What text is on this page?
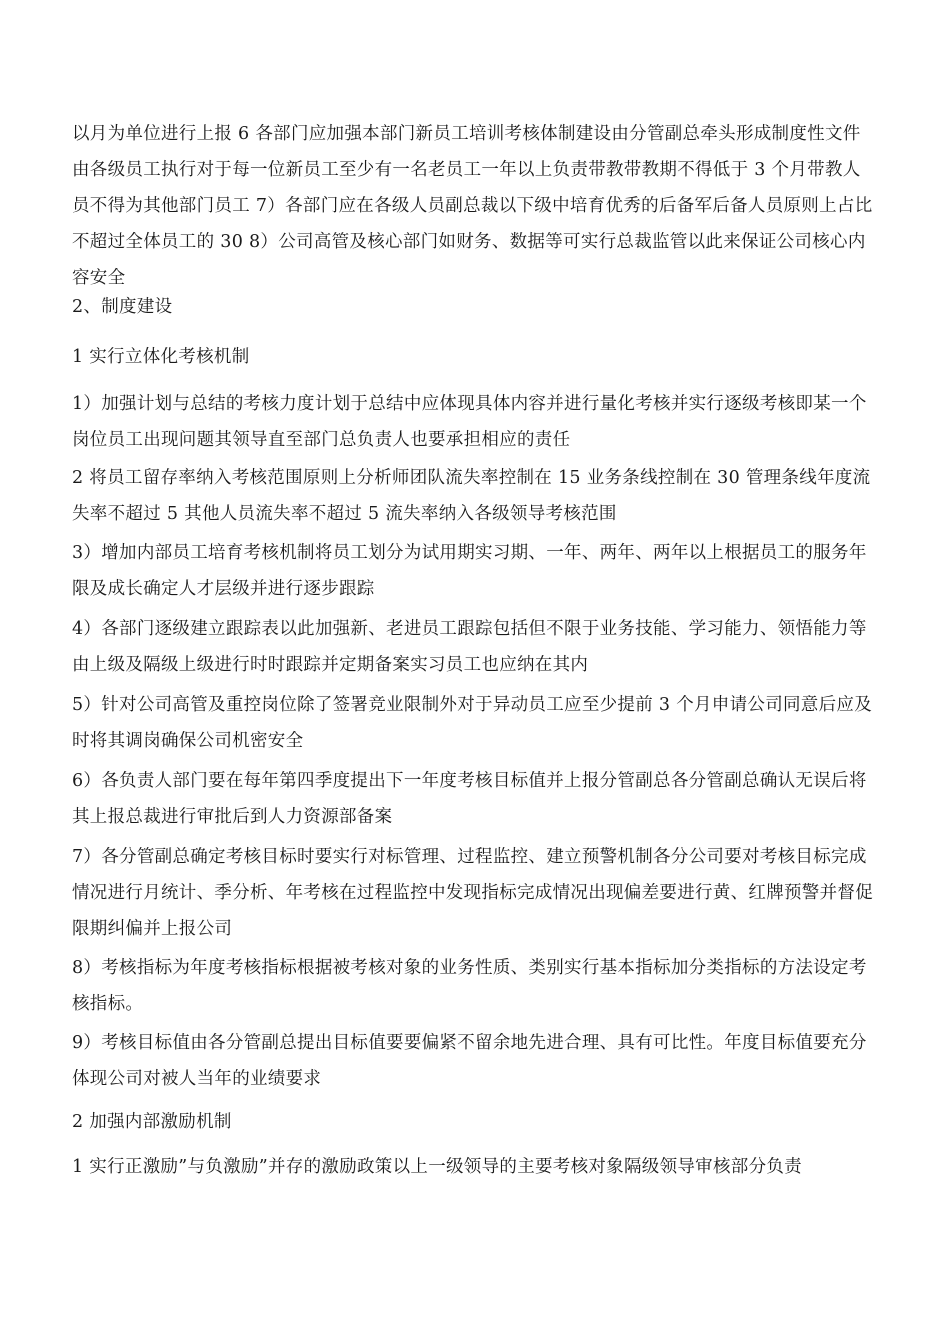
以月为单位进行上报 6 各部门应加强本部门新员工培训考核体制建设由分管副总牵头形成制度性文件由各级员工执行对于每一位新员工至少有一名老员工一年以上负责带教带教期不得低于 3 个月带教人员不得为其他部门员工 7）各部门应在各级人员副总裁以下级中培育优秀的后备军后备人员原则上占比不超过全体员工的 30 8）公司高管及核心部门如财务、数据等可实行总裁监管以此来保证公司核心内容安全

2、制度建设

1 实行立体化考核机制

1）加强计划与总结的考核力度计划于总结中应体现具体内容并进行量化考核并实行逐级考核即某一个岗位员工出现问题其领导直至部门总负责人也要承担相应的责任

2 将员工留存率纳入考核范围原则上分析师团队流失率控制在 15 业务条线控制在 30 管理条线年度流失率不超过 5 其他人员流失率不超过 5 流失率纳入各级领导考核范围

3）增加内部员工培育考核机制将员工划分为试用期实习期、一年、两年、两年以上根据员工的服务年限及成长确定人才层级并进行逐步跟踪

4）各部门逐级建立跟踪表以此加强新、老进员工跟踪包括但不限于业务技能、学习能力、领悟能力等由上级及隔级上级进行时时跟踪并定期备案实习员工也应纳在其内

5）针对公司高管及重控岗位除了签署竞业限制外对于异动员工应至少提前 3 个月申请公司同意后应及时将其调岗确保公司机密安全

6）各负责人部门要在每年第四季度提出下一年度考核目标值并上报分管副总各分管副总确认无误后将其上报总裁进行审批后到人力资源部备案

7）各分管副总确定考核目标时要实行对标管理、过程监控、建立预警机制各分公司要对考核目标完成情况进行月统计、季分析、年考核在过程监控中发现指标完成情况出现偏差要进行黄、红牌预警并督促限期纠偏并上报公司

8）考核指标为年度考核指标根据被考核对象的业务性质、类别实行基本指标加分类指标的方法设定考核指标。

9）考核目标值由各分管副总提出目标值要要偏紧不留余地先进合理、具有可比性。年度目标值要充分体现公司对被人当年的业绩要求

2 加强内部激励机制

1 实行正激励”与负激励”并存的激励政策以上一级领导的主要考核对象隔级领导审核部分负责
